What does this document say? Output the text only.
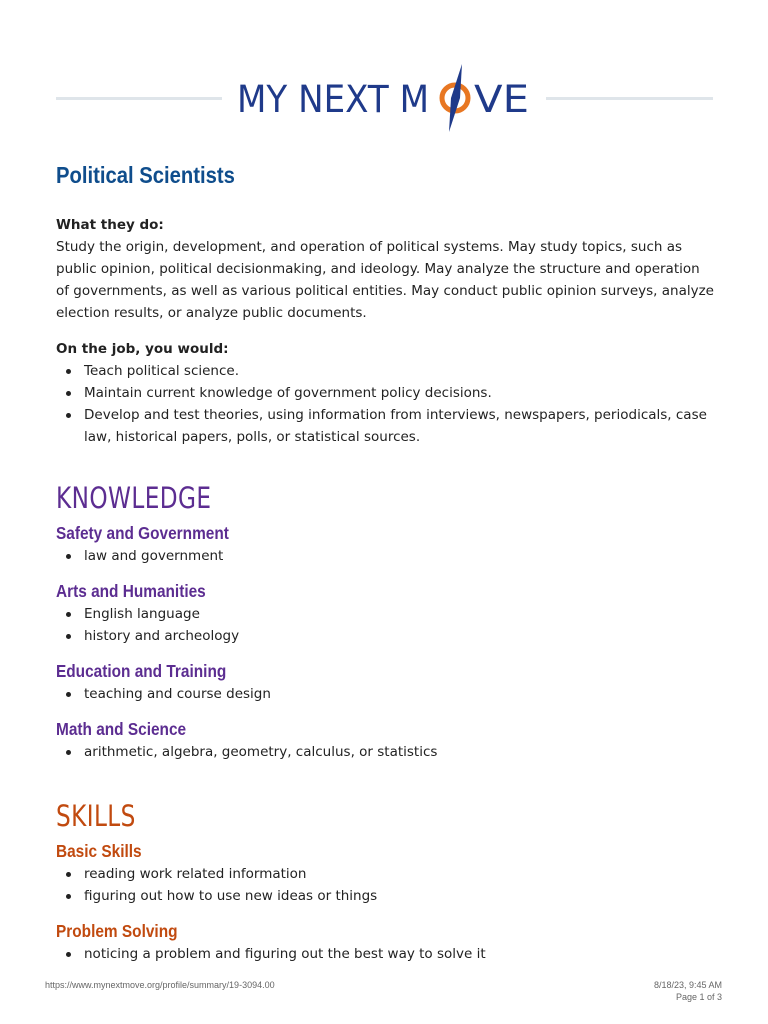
MY NEXT M VE
Political Scientists

What they do:

Study the origin, development, and operation of political systems. May study topics, such as public opinion, political decisionmaking, and ideology. May analyze the structure and operation of governments, as well as various political entities. May conduct public opinion surveys, analyze election results, or analyze public documents.

On the job, you would:

Teach political science.
Maintain current knowledge of government policy decisions.
Develop and test theories, using information from interviews, newspapers, periodicals, case law, historical papers, polls, or statistical sources.
KNOWLEDGE
Safety and Government
law and government
Arts and Humanities
English language
history and archeology
Education and Training
teaching and course design
Math and Science
arithmetic, algebra, geometry, calculus, or statistics
SKILLS
Basic Skills
reading work related information
figuring out how to use new ideas or things
Problem Solving
noticing a problem and figuring out the best way to solve it
https://www.mynextmove.org/profile/summary/19-3094.00	8/18/23, 9:45 AM
Page 1 of 3
